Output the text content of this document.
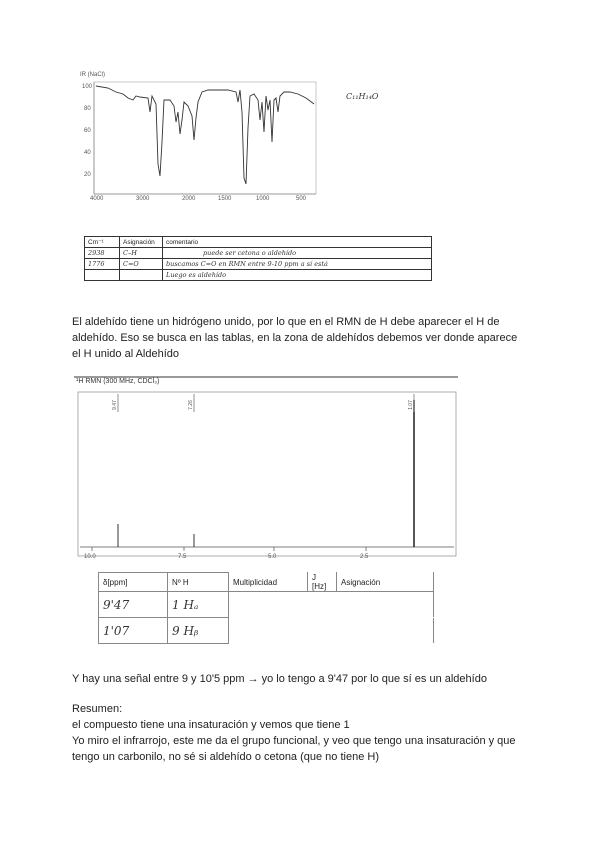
IR (NaCl)
100
80
60
40
20
4000	3000	2000	1500	1000	500
C₁₁H₁₄O
Cm⁻¹	Asignación	comentario
2938	C–H	puede ser cetona o aldehído
1776	C=O	buscamos C=O en RMN entre 9-10 ppm a sí está
		Luego es aldehído
El aldehído tiene un hidrógeno unido, por lo que en el RMN de H debe aparecer el H de
aldehído. Eso se busca en las tablas, en la zona de aldehídos debemos ver donde aparece
el H unido al Aldehído
¹H RMN (300 MHz, CDCl₃)
9.47	7.26	1.07
10.0	7.5	5.0	2.5
δ[ppm]	Nº H	Multiplicidad	J [Hz]	Asignación
9'47	1 Hₐ			
1'07	9 Hᵦ			
Y hay una señal entre 9 y 10'5 ppm → yo lo tengo a 9'47 por lo que sí es un aldehído
Resumen:
el compuesto tiene una insaturación y vemos que tiene 1
Yo miro el infrarrojo, este me da el grupo funcional, y veo que tengo una insaturación y que
tengo un carbonilo, no sé si aldehído o cetona (que no tiene H)
